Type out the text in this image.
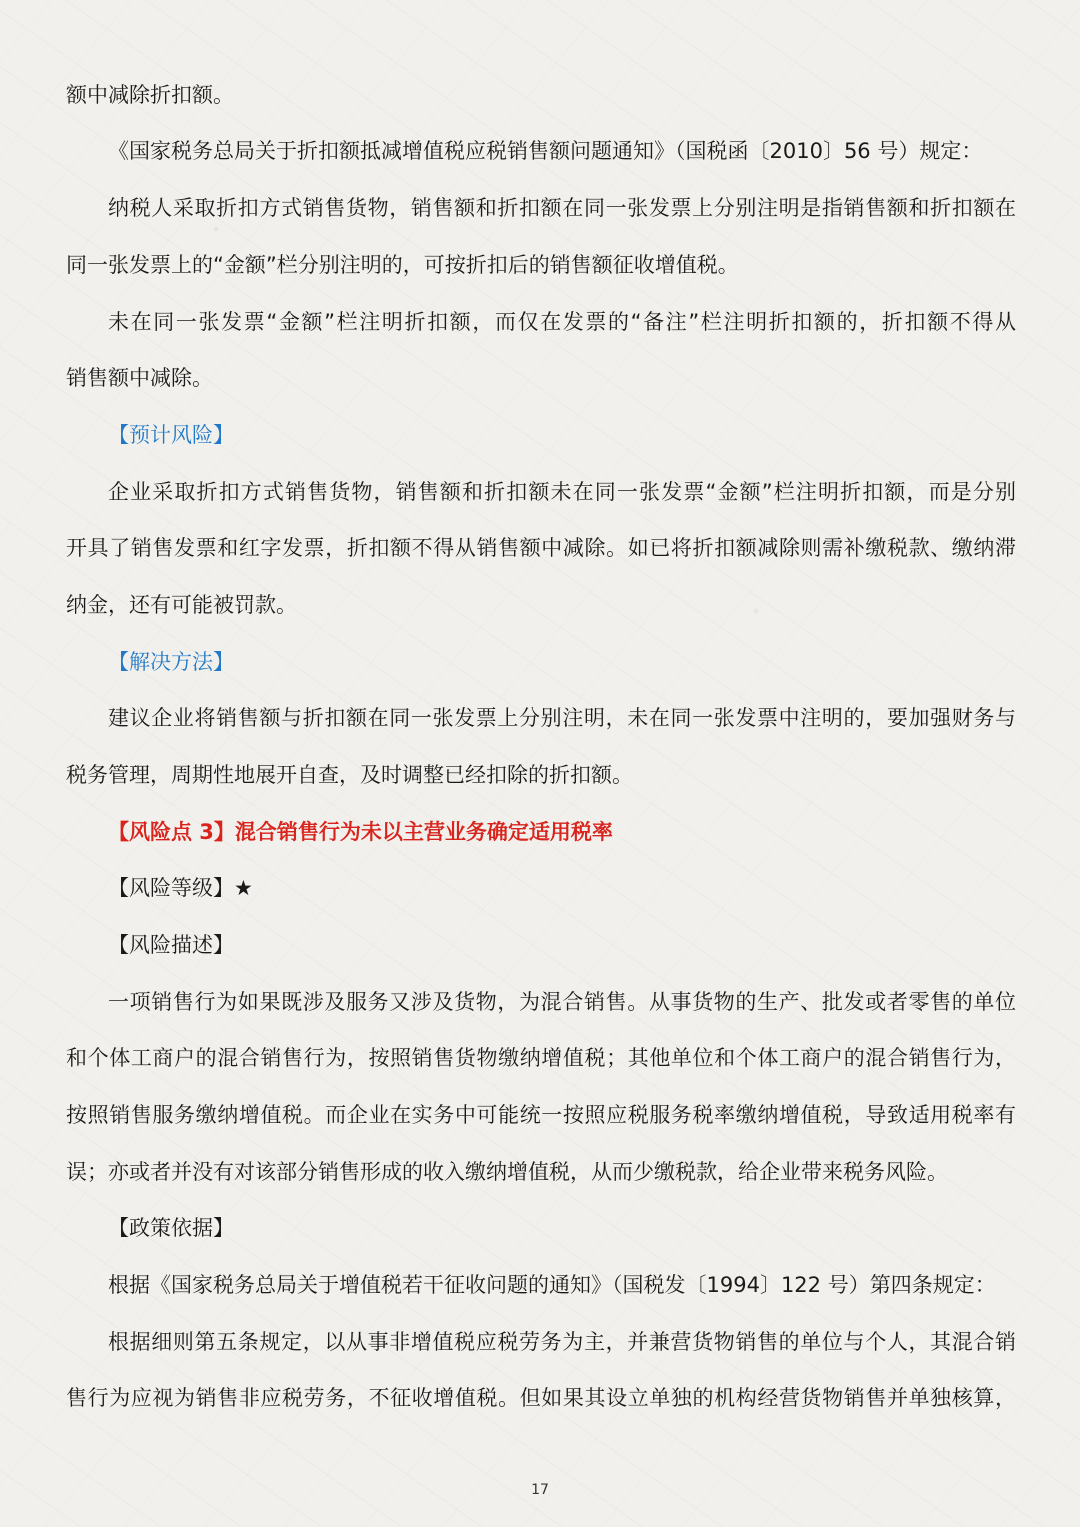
额中减除折扣额。

《国家税务总局关于折扣额抵减增值税应税销售额问题通知》（国税函〔2010〕56 号）规定：

纳税人采取折扣方式销售货物，销售额和折扣额在同一张发票上分别注明是指销售额和折扣额在

同一张发票上的“金额”栏分别注明的，可按折扣后的销售额征收增值税。

未在同一张发票“金额”栏注明折扣额，而仅在发票的“备注”栏注明折扣额的，折扣额不得从

销售额中减除。

【预计风险】

企业采取折扣方式销售货物，销售额和折扣额未在同一张发票“金额”栏注明折扣额，而是分别

开具了销售发票和红字发票，折扣额不得从销售额中减除。如已将折扣额减除则需补缴税款、缴纳滞

纳金，还有可能被罚款。

【解决方法】

建议企业将销售额与折扣额在同一张发票上分别注明，未在同一张发票中注明的，要加强财务与

税务管理，周期性地展开自查，及时调整已经扣除的折扣额。

【风险点 3】混合销售行为未以主营业务确定适用税率

【风险等级】★

【风险描述】

一项销售行为如果既涉及服务又涉及货物，为混合销售。从事货物的生产、批发或者零售的单位

和个体工商户的混合销售行为，按照销售货物缴纳增值税；其他单位和个体工商户的混合销售行为，

按照销售服务缴纳增值税。而企业在实务中可能统一按照应税服务税率缴纳增值税，导致适用税率有

误；亦或者并没有对该部分销售形成的收入缴纳增值税，从而少缴税款，给企业带来税务风险。

【政策依据】

根据《国家税务总局关于增值税若干征收问题的通知》（国税发〔1994〕122 号）第四条规定：

根据细则第五条规定，以从事非增值税应税劳务为主，并兼营货物销售的单位与个人，其混合销

售行为应视为销售非应税劳务，不征收增值税。但如果其设立单独的机构经营货物销售并单独核算，

17
